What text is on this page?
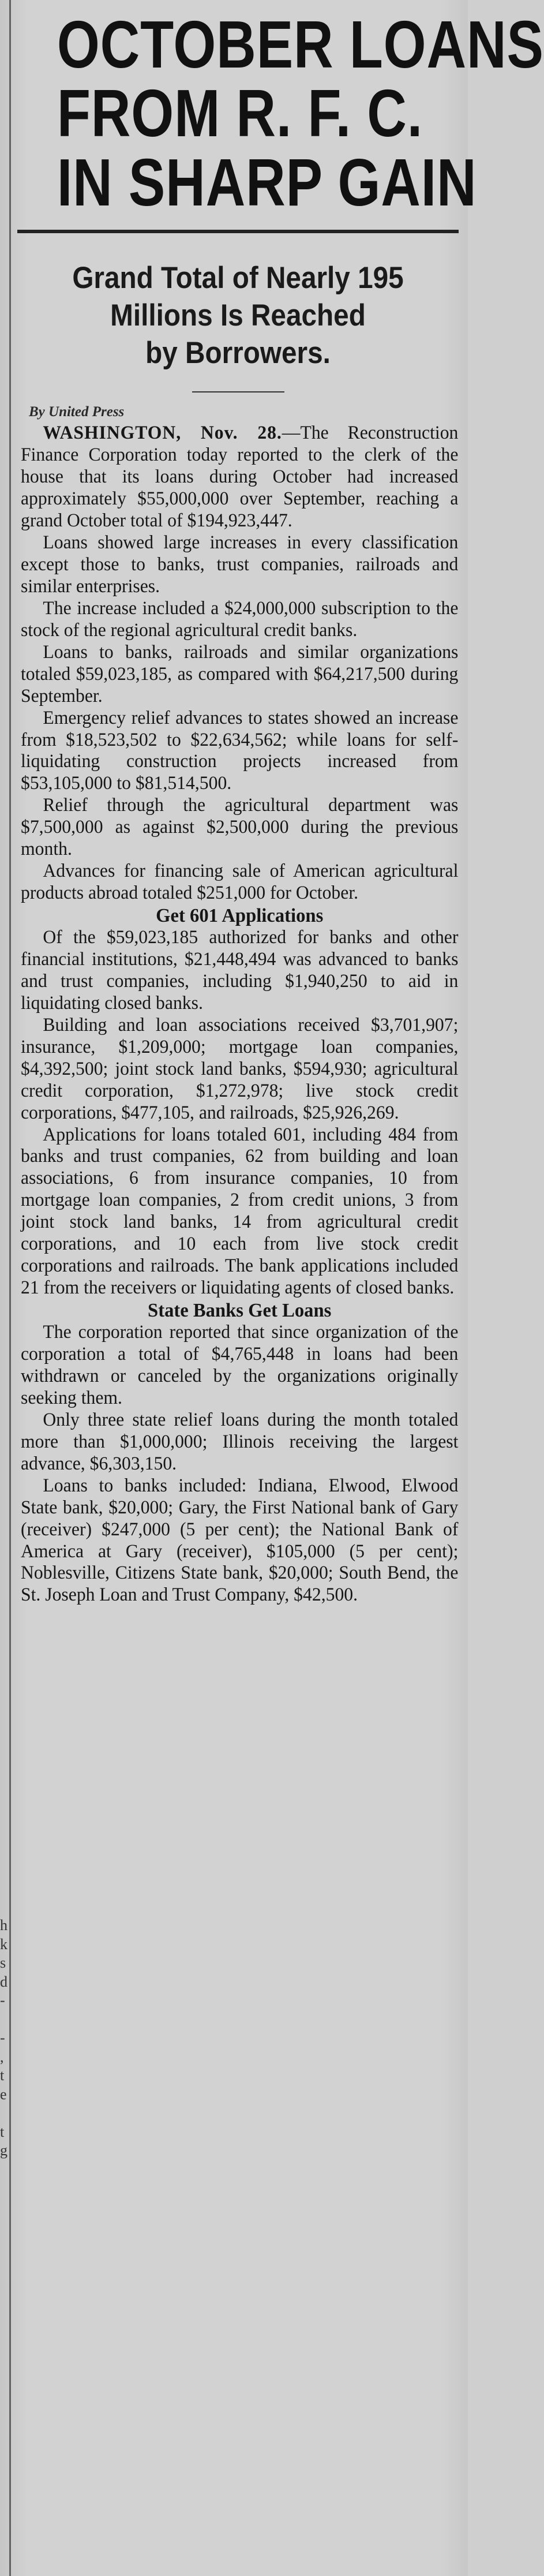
h
k
s
d
-

-
,
t
e

t
g
OCTOBER LOANS
FROM R. F. C.
IN SHARP GAIN
Grand Total of Nearly 195
Millions Is Reached
by Borrowers.
By United Press

WASHINGTON, Nov. 28.—The Reconstruction Finance Corporation today reported to the clerk of the house that its loans during October had increased approximately $55,000,000 over September, reaching a grand October total of $194,923,447.

Loans showed large increases in every classification except those to banks, trust companies, railroads and similar enterprises.

The increase included a $24,000,000 subscription to the stock of the regional agricultural credit banks.

Loans to banks, railroads and similar organizations totaled $59,023,185, as compared with $64,217,500 during September.

Emergency relief advances to states showed an increase from $18,523,502 to $22,634,562; while loans for self-liquidating construction projects increased from $53,105,000 to $81,514,500.

Relief through the agricultural department was $7,500,000 as against $2,500,000 during the previous month.

Advances for financing sale of American agricultural products abroad totaled $251,000 for October.

Get 601 Applications

Of the $59,023,185 authorized for banks and other financial institutions, $21,448,494 was advanced to banks and trust companies, including $1,940,250 to aid in liquidating closed banks.

Building and loan associations received $3,701,907; insurance, $1,209,000; mortgage loan companies, $4,392,500; joint stock land banks, $594,930; agricultural credit corporation, $1,272,978; live stock credit corporations, $477,105, and railroads, $25,926,269.

Applications for loans totaled 601, including 484 from banks and trust companies, 62 from building and loan associations, 6 from insurance companies, 10 from mortgage loan companies, 2 from credit unions, 3 from joint stock land banks, 14 from agricultural credit corporations, and 10 each from live stock credit corporations and railroads. The bank applications included 21 from the receivers or liquidating agents of closed banks.

State Banks Get Loans

The corporation reported that since organization of the corporation a total of $4,765,448 in loans had been withdrawn or canceled by the organizations originally seeking them.

Only three state relief loans during the month totaled more than $1,000,000; Illinois receiving the largest advance, $6,303,150.

Loans to banks included: Indiana, Elwood, Elwood State bank, $20,000; Gary, the First National bank of Gary (receiver) $247,000 (5 per cent); the National Bank of America at Gary (receiver), $105,000 (5 per cent); Noblesville, Citizens State bank, $20,000; South Bend, the St. Joseph Loan and Trust Company, $42,500.
